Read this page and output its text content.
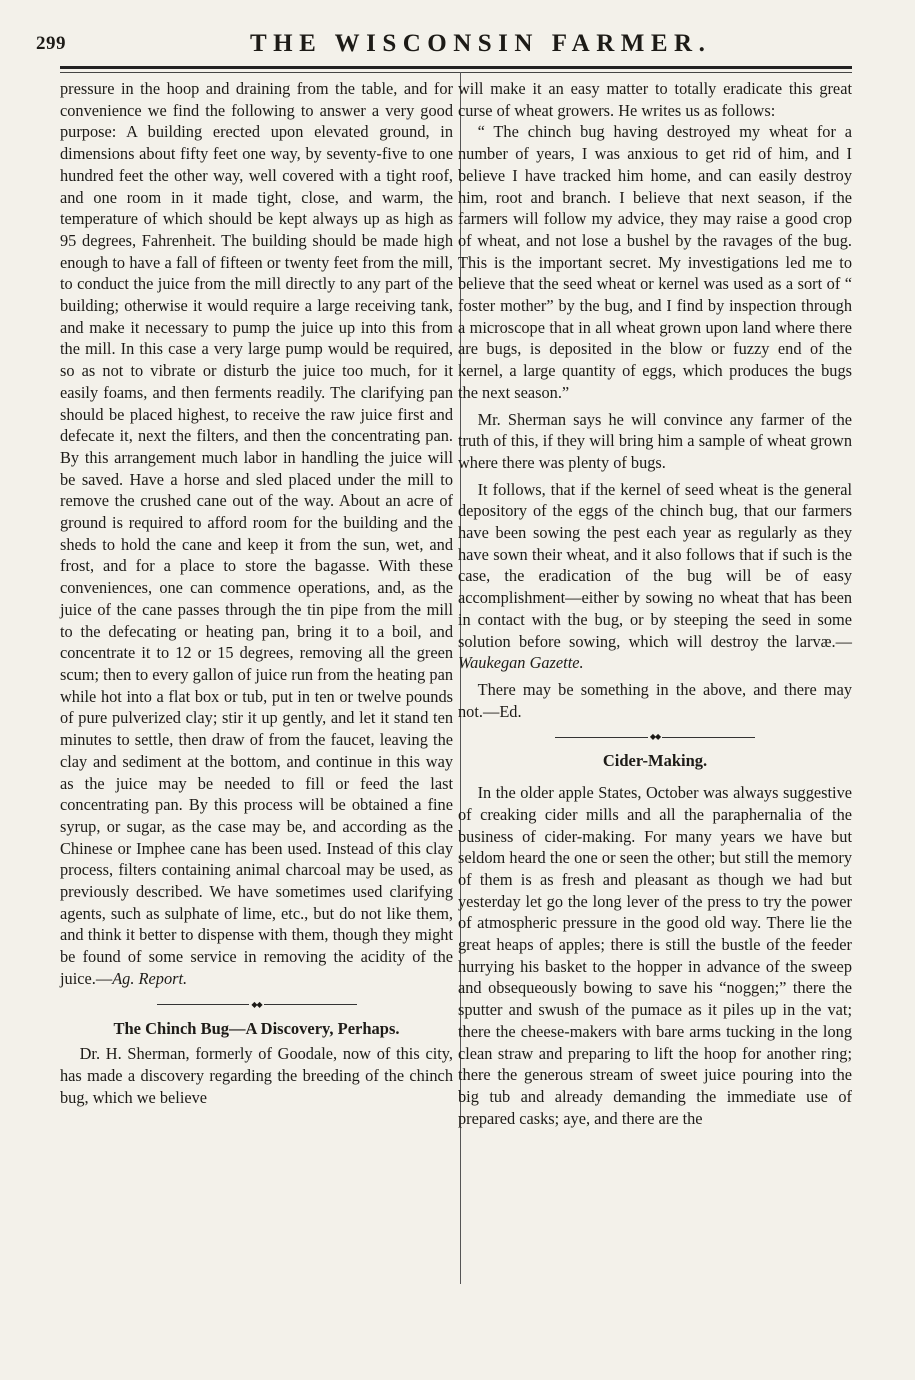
299	THE WISCONSIN FARMER.

pressure in the hoop and draining from the table, and for convenience we find the following to answer a very good purpose: A building erected upon elevated ground, in dimensions about fifty feet one way, by seventy-five to one hundred feet the other way, well covered with a tight roof, and one room in it made tight, close, and warm, the temperature of which should be kept always up as high as 95 degrees, Fahrenheit. The building should be made high enough to have a fall of fifteen or twenty feet from the mill, to conduct the juice from the mill directly to any part of the building; otherwise it would require a large receiving tank, and make it necessary to pump the juice up into this from the mill. In this case a very large pump would be required, so as not to vibrate or disturb the juice too much, for it easily foams, and then ferments readily. The clarifying pan should be placed highest, to receive the raw juice first and defecate it, next the filters, and then the concentrating pan. By this arrangement much labor in handling the juice will be saved. Have a horse and sled placed under the mill to remove the crushed cane out of the way. About an acre of ground is required to afford room for the building and the sheds to hold the cane and keep it from the sun, wet, and frost, and for a place to store the bagasse. With these conveniences, one can commence operations, and, as the juice of the cane passes through the tin pipe from the mill to the defecating or heating pan, bring it to a boil, and concentrate it to 12 or 15 degrees, removing all the green scum; then to every gallon of juice run from the heating pan while hot into a flat box or tub, put in ten or twelve pounds of pure pulverized clay; stir it up gently, and let it stand ten minutes to settle, then draw of from the faucet, leaving the clay and sediment at the bottom, and continue in this way as the juice may be needed to fill or feed the last concentrating pan. By this process will be obtained a fine syrup, or sugar, as the case may be, and according as the Chinese or Imphee cane has been used. Instead of this clay process, filters containing animal charcoal may be used, as previously described. We have sometimes used clarifying agents, such as sulphate of lime, etc., but do not like them, and think it better to dispense with them, though they might be found of some service in removing the acidity of the juice.—Ag. Report.

◆◆
The Chinch Bug—A Discovery, Perhaps.

Dr. H. Sherman, formerly of Goodale, now of this city, has made a discovery regarding the breeding of the chinch bug, which we believe

will make it an easy matter to totally eradicate this great curse of wheat growers. He writes us as follows:

“ The chinch bug having destroyed my wheat for a number of years, I was anxious to get rid of him, and I believe I have tracked him home, and can easily destroy him, root and branch. I believe that next season, if the farmers will follow my advice, they may raise a good crop of wheat, and not lose a bushel by the ravages of the bug. This is the important secret. My investigations led me to believe that the seed wheat or kernel was used as a sort of “ foster mother” by the bug, and I find by inspection through a microscope that in all wheat grown upon land where there are bugs, is deposited in the blow or fuzzy end of the kernel, a large quantity of eggs, which produces the bugs the next season.”

Mr. Sherman says he will convince any farmer of the truth of this, if they will bring him a sample of wheat grown where there was plenty of bugs.

It follows, that if the kernel of seed wheat is the general depository of the eggs of the chinch bug, that our farmers have been sowing the pest each year as regularly as they have sown their wheat, and it also follows that if such is the case, the eradication of the bug will be of easy accomplishment—either by sowing no wheat that has been in contact with the bug, or by steeping the seed in some solution before sowing, which will destroy the larvæ.—Waukegan Gazette.

There may be something in the above, and there may not.—Ed.

◆◆
Cider-Making.

In the older apple States, October was always suggestive of creaking cider mills and all the paraphernalia of the business of cider-making. For many years we have but seldom heard the one or seen the other; but still the memory of them is as fresh and pleasant as though we had but yesterday let go the long lever of the press to try the power of atmospheric pressure in the good old way. There lie the great heaps of apples; there is still the bustle of the feeder hurrying his basket to the hopper in advance of the sweep and obsequeously bowing to save his “noggen;” there the sputter and swush of the pumace as it piles up in the vat; there the cheese-makers with bare arms tucking in the long clean straw and preparing to lift the hoop for another ring; there the generous stream of sweet juice pouring into the big tub and already demanding the immediate use of prepared casks; aye, and there are the
